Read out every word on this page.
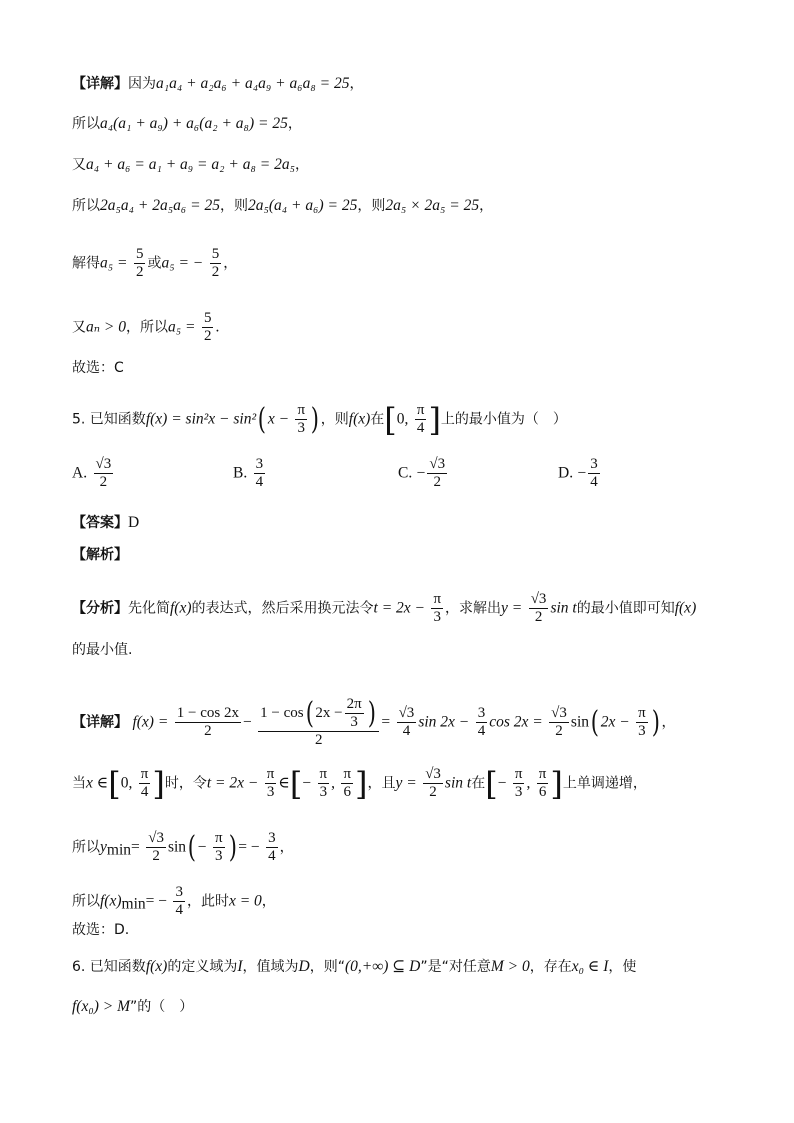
【详解】因为a₁a₄ + a₂a₆ + a₄a₉ + a₆a₈ = 25，
所以a₄(a₁ + a₉) + a₆(a₂ + a₈) = 25，
又a₄ + a₆ = a₁ + a₉ = a₂ + a₈ = 2a₅，
所以2a₅a₄ + 2a₅a₆ = 25，则2a₅(a₄ + a₆) = 25，则2a₅ × 2a₅ = 25，
解得$a_5 = \frac{5}{2}$ 或a₅ = − $\frac{5}{2}$ ，
又aₙ > 0，所以$a_5 = \frac{5}{2}$ .
故选：C
5. 已知函数f(x) = sin²x − sin²( $x - \frac{\pi}{3}$ ) ，则f(x)在[0, $\frac{\pi}{4}$ ]上的最小值为（　）
A. $\frac{√3}{2}$	B. $\frac{3}{4}$	C. − $\frac{√3}{2}$	D. − $\frac{3}{4}$
【答案】D
【解析】
【分析】先化简f(x)的表达式，然后采用换元法令$t = 2x - \frac{\pi}{3}$ ，求解出$y = \frac{√3}{2}$ sin t的最小值即可知f(x)
的最小值.
【详解】 $f(x) = \frac{1 - \cos 2x}{2} - \frac{1 - \cos( 2x - \frac{2\pi}{3} )}{2} = \frac{√3}{4}$ $\sin 2x - \frac{3}{4}$ $\cos 2x = \frac{√3}{2} \sin$( $2x - \frac{\pi}{3}$ ) ，
当x ∈[0, $\frac{\pi}{4}$ ]时，令$t = 2x - \frac{\pi}{3}$ ∈[− $\frac{\pi}{3}$ , $\frac{\pi}{6}$ ]，且$y = \frac{√3}{2}$ sin t在[− $\frac{\pi}{3}$ , $\frac{\pi}{6}$ ]上单调递增，
所以$y_{min}= \frac{√3}{2} \sin( - \frac{\pi}{3}$ ) = − $\frac{3}{4}$ ，
所以$f(x)_{min}= - \frac{3}{4}$ ，此时x = 0，
故选：D.
6. 已知函数f(x)的定义域为I，值域为D，则“(0,+∞) ⊆ D”是“对任意M > 0，存在x₀ ∈ I，使
f(x₀) > M”的（　）
